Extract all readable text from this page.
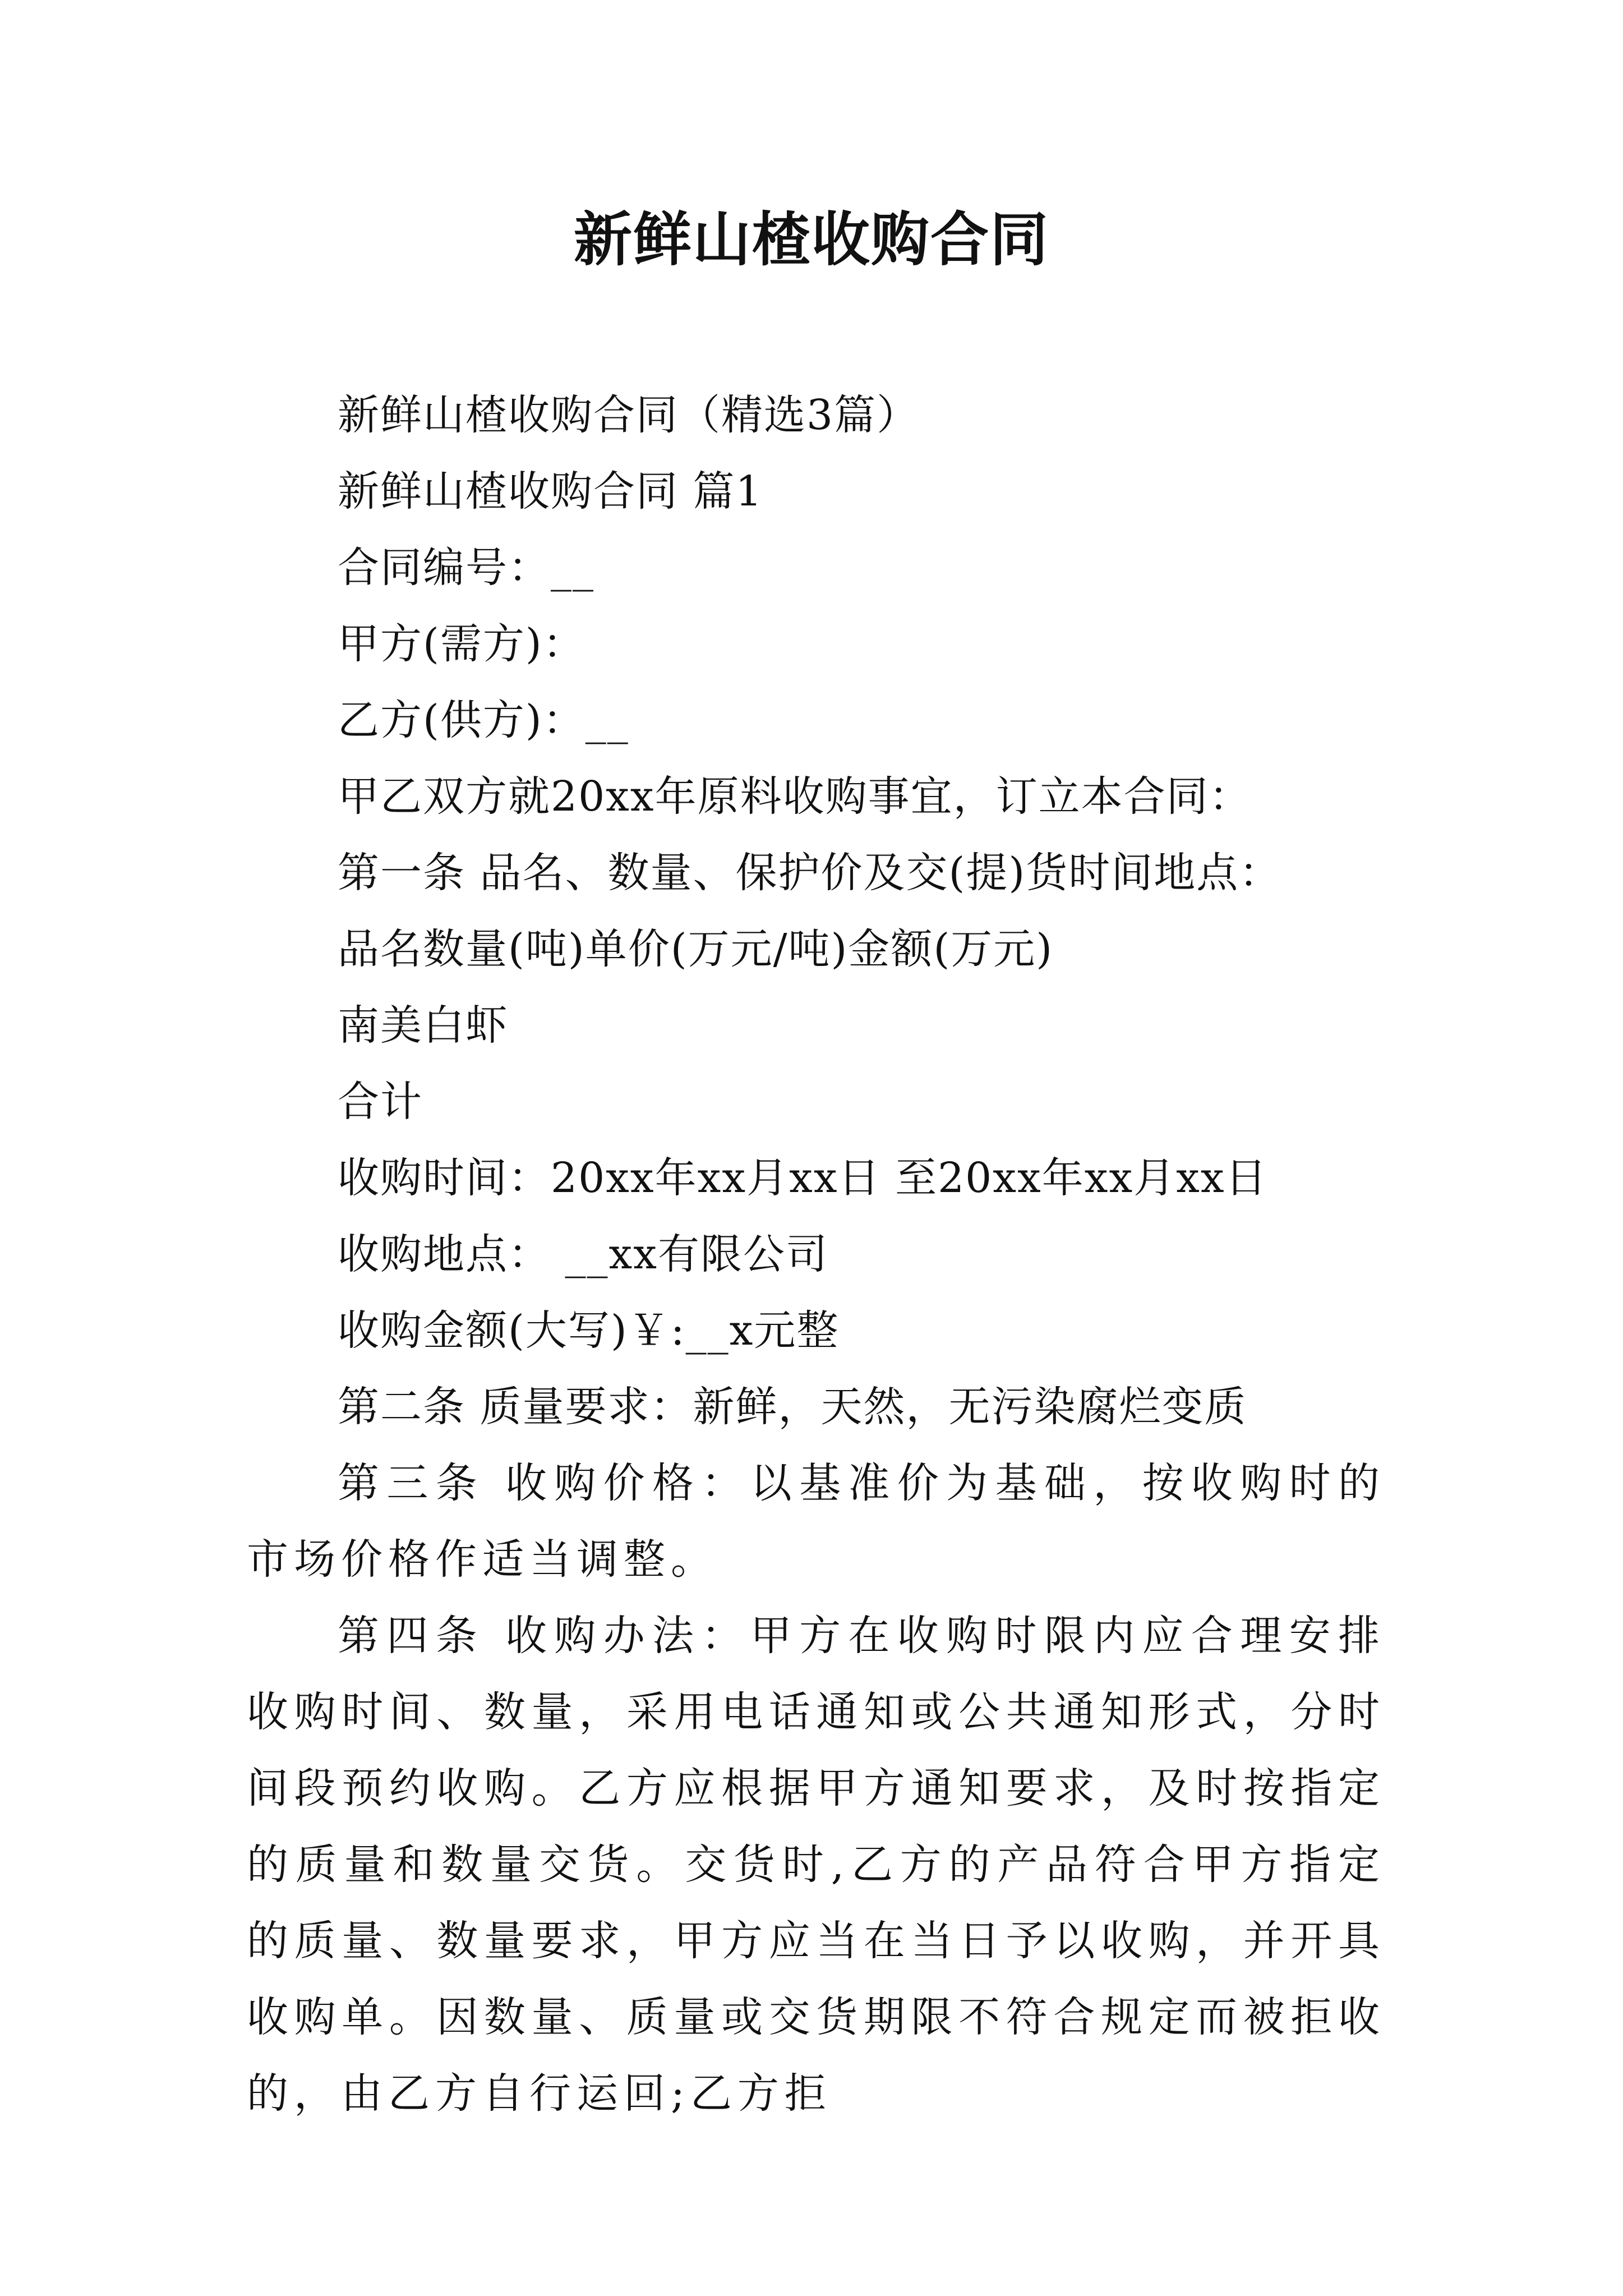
新鲜山楂收购合同
新鲜山楂收购合同（精选3篇）
新鲜山楂收购合同 篇1
合同编号：__
甲方(需方)：
乙方(供方)：__
甲乙双方就20xx年原料收购事宜，订立本合同：
第一条 品名、数量、保护价及交(提)货时间地点：
品名数量(吨)单价(万元/吨)金额(万元)
南美白虾
合计
收购时间：20xx年xx月xx日 至20xx年xx月xx日
收购地点： __xx有限公司
收购金额(大写)￥:__x元整
第二条 质量要求：新鲜，天然，无污染腐烂变质

第三条 收购价格：以基准价为基础，按收购时的市场价格作适当调整。

第四条 收购办法：甲方在收购时限内应合理安排收购时间、数量，采用电话通知或公共通知形式，分时间段预约收购。乙方应根据甲方通知要求，及时按指定的质量和数量交货。交货时,乙方的产品符合甲方指定的质量、数量要求，甲方应当在当日予以收购，并开具收购单。因数量、质量或交货期限不符合规定而被拒收的，由乙方自行运回;乙方拒
